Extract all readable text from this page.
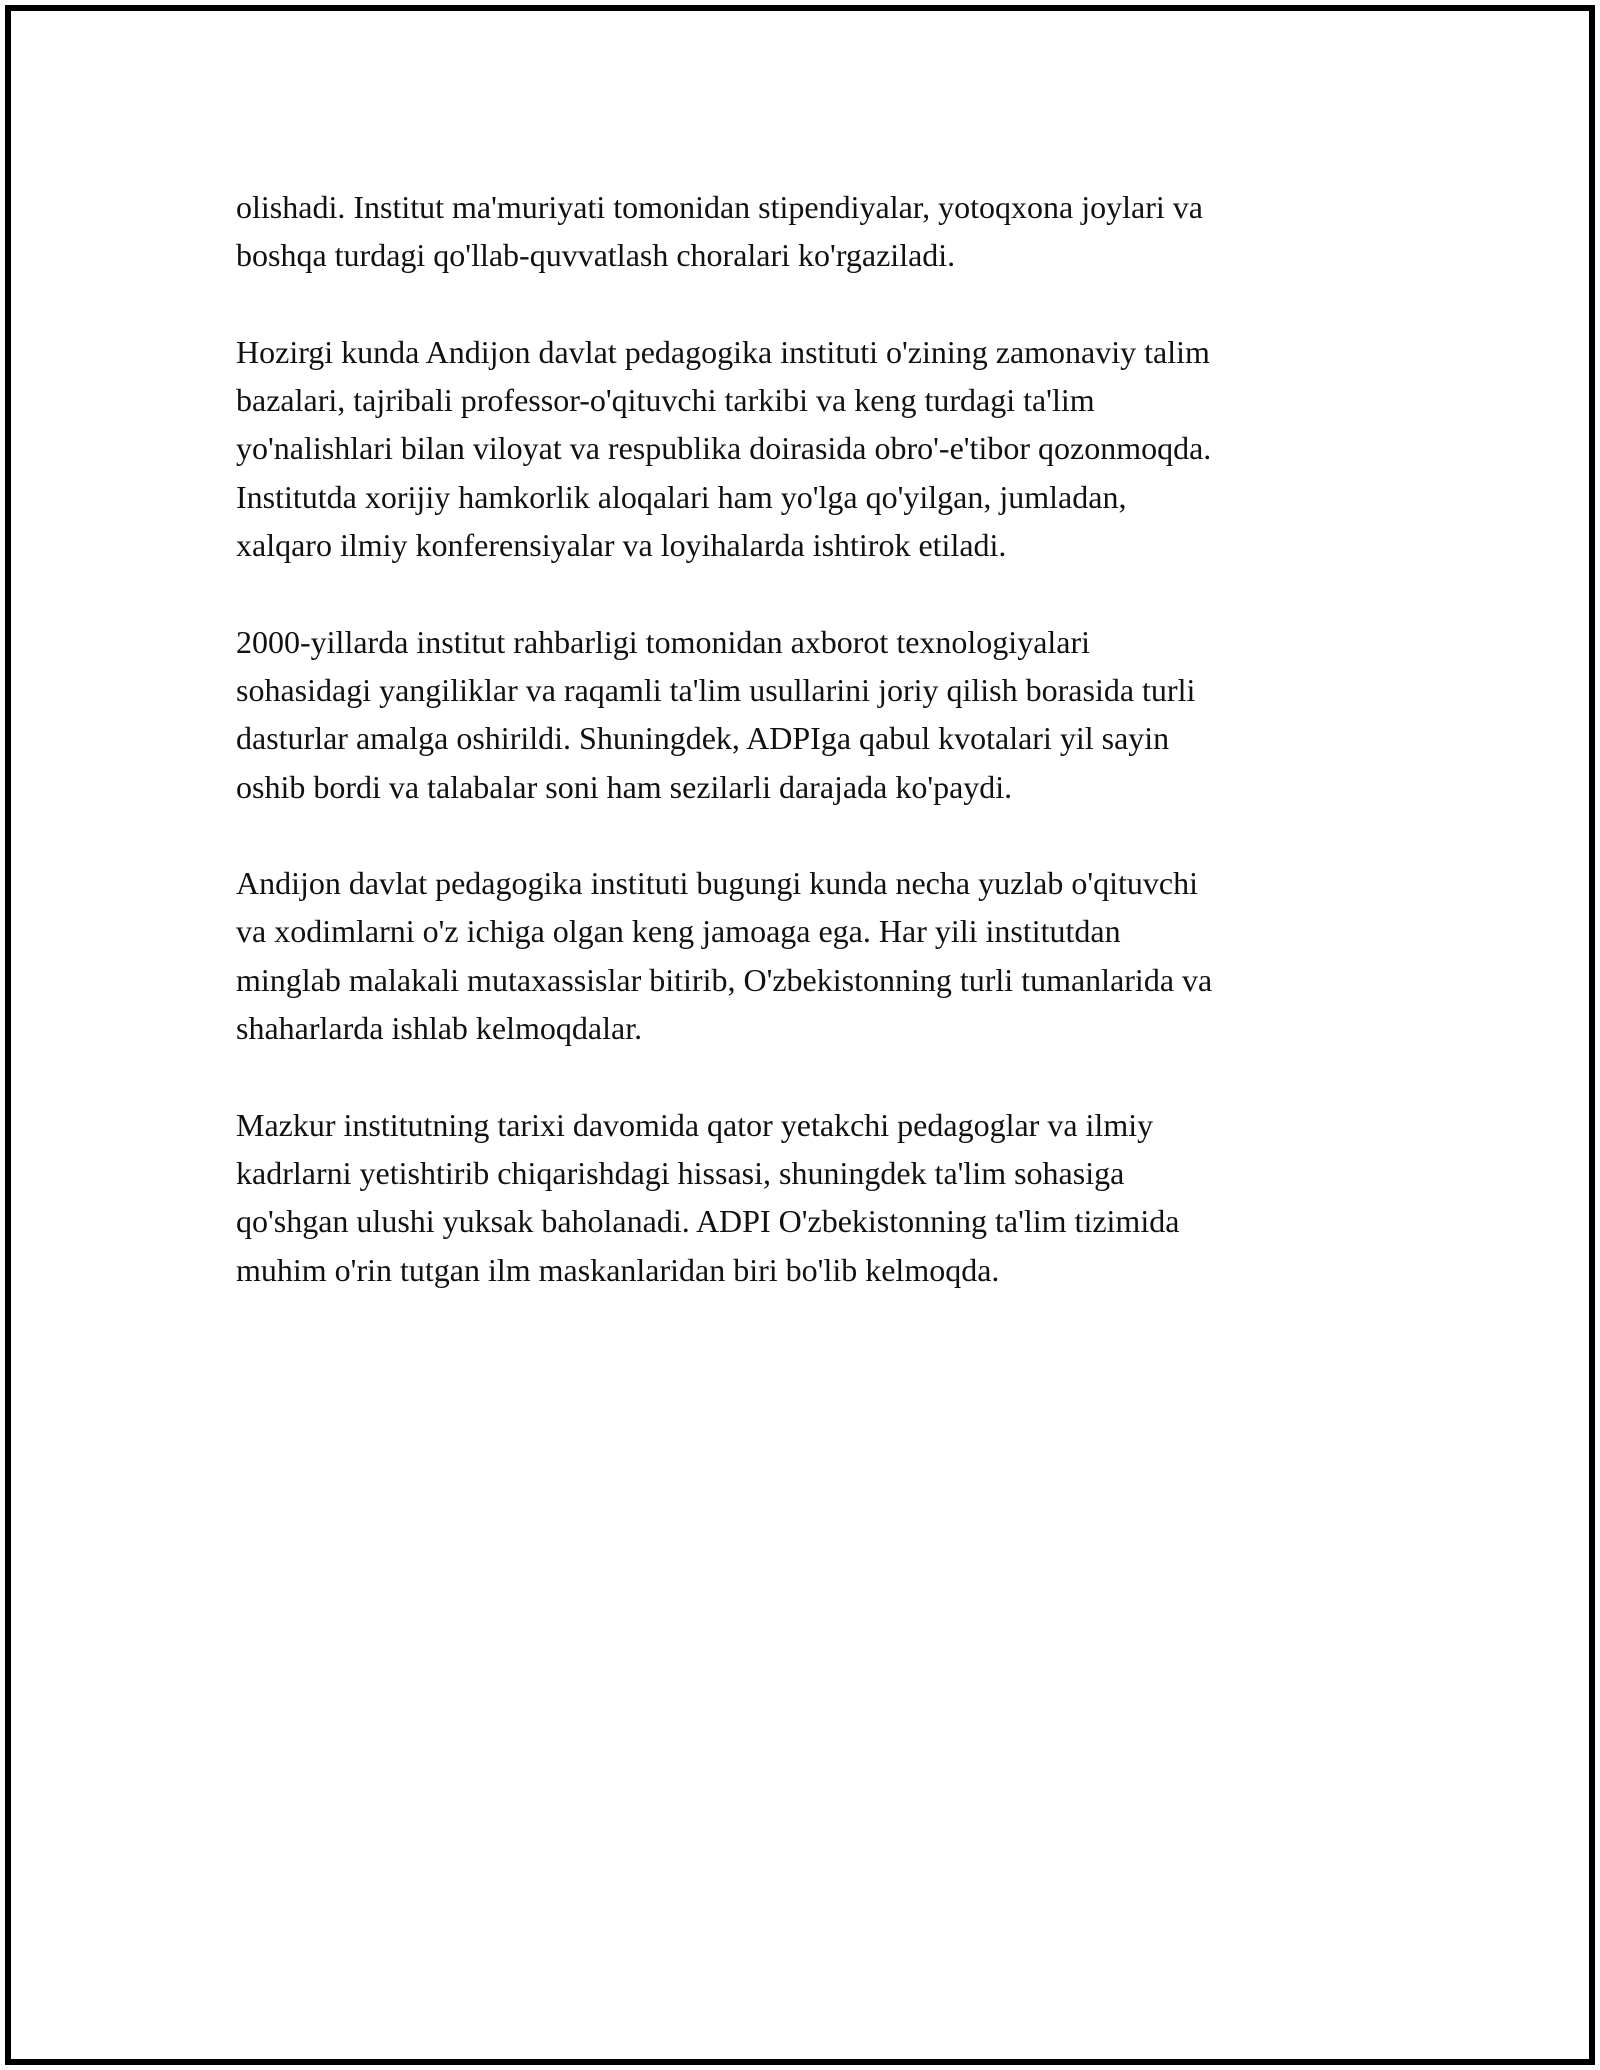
olishadi. Institut ma'muriyati tomonidan stipendiyalar, yotoqxona joylari va
boshqa turdagi qo'llab-quvvatlash choralari ko'rgaziladi.

Hozirgi kunda Andijon davlat pedagogika instituti o'zining zamonaviy talim
bazalari, tajribali professor-o'qituvchi tarkibi va keng turdagi ta'lim
yo'nalishlari bilan viloyat va respublika doirasida obro'-e'tibor qozonmoqda.
Institutda xorijiy hamkorlik aloqalari ham yo'lga qo'yilgan, jumladan,
xalqaro ilmiy konferensiyalar va loyihalarda ishtirok etiladi.

2000-yillarda institut rahbarligi tomonidan axborot texnologiyalari
sohasidagi yangiliklar va raqamli ta'lim usullarini joriy qilish borasida turli
dasturlar amalga oshirildi. Shuningdek, ADPIga qabul kvotalari yil sayin
oshib bordi va talabalar soni ham sezilarli darajada ko'paydi.

Andijon davlat pedagogika instituti bugungi kunda necha yuzlab o'qituvchi
va xodimlarni o'z ichiga olgan keng jamoaga ega. Har yili institutdan
minglab malakali mutaxassislar bitirib, O'zbekistonning turli tumanlarida va
shaharlarda ishlab kelmoqdalar.

Mazkur institutning tarixi davomida qator yetakchi pedagoglar va ilmiy
kadrlarni yetishtirib chiqarishdagi hissasi, shuningdek ta'lim sohasiga
qo'shgan ulushi yuksak baholanadi. ADPI O'zbekistonning ta'lim tizimida
muhim o'rin tutgan ilm maskanlaridan biri bo'lib kelmoqda.
